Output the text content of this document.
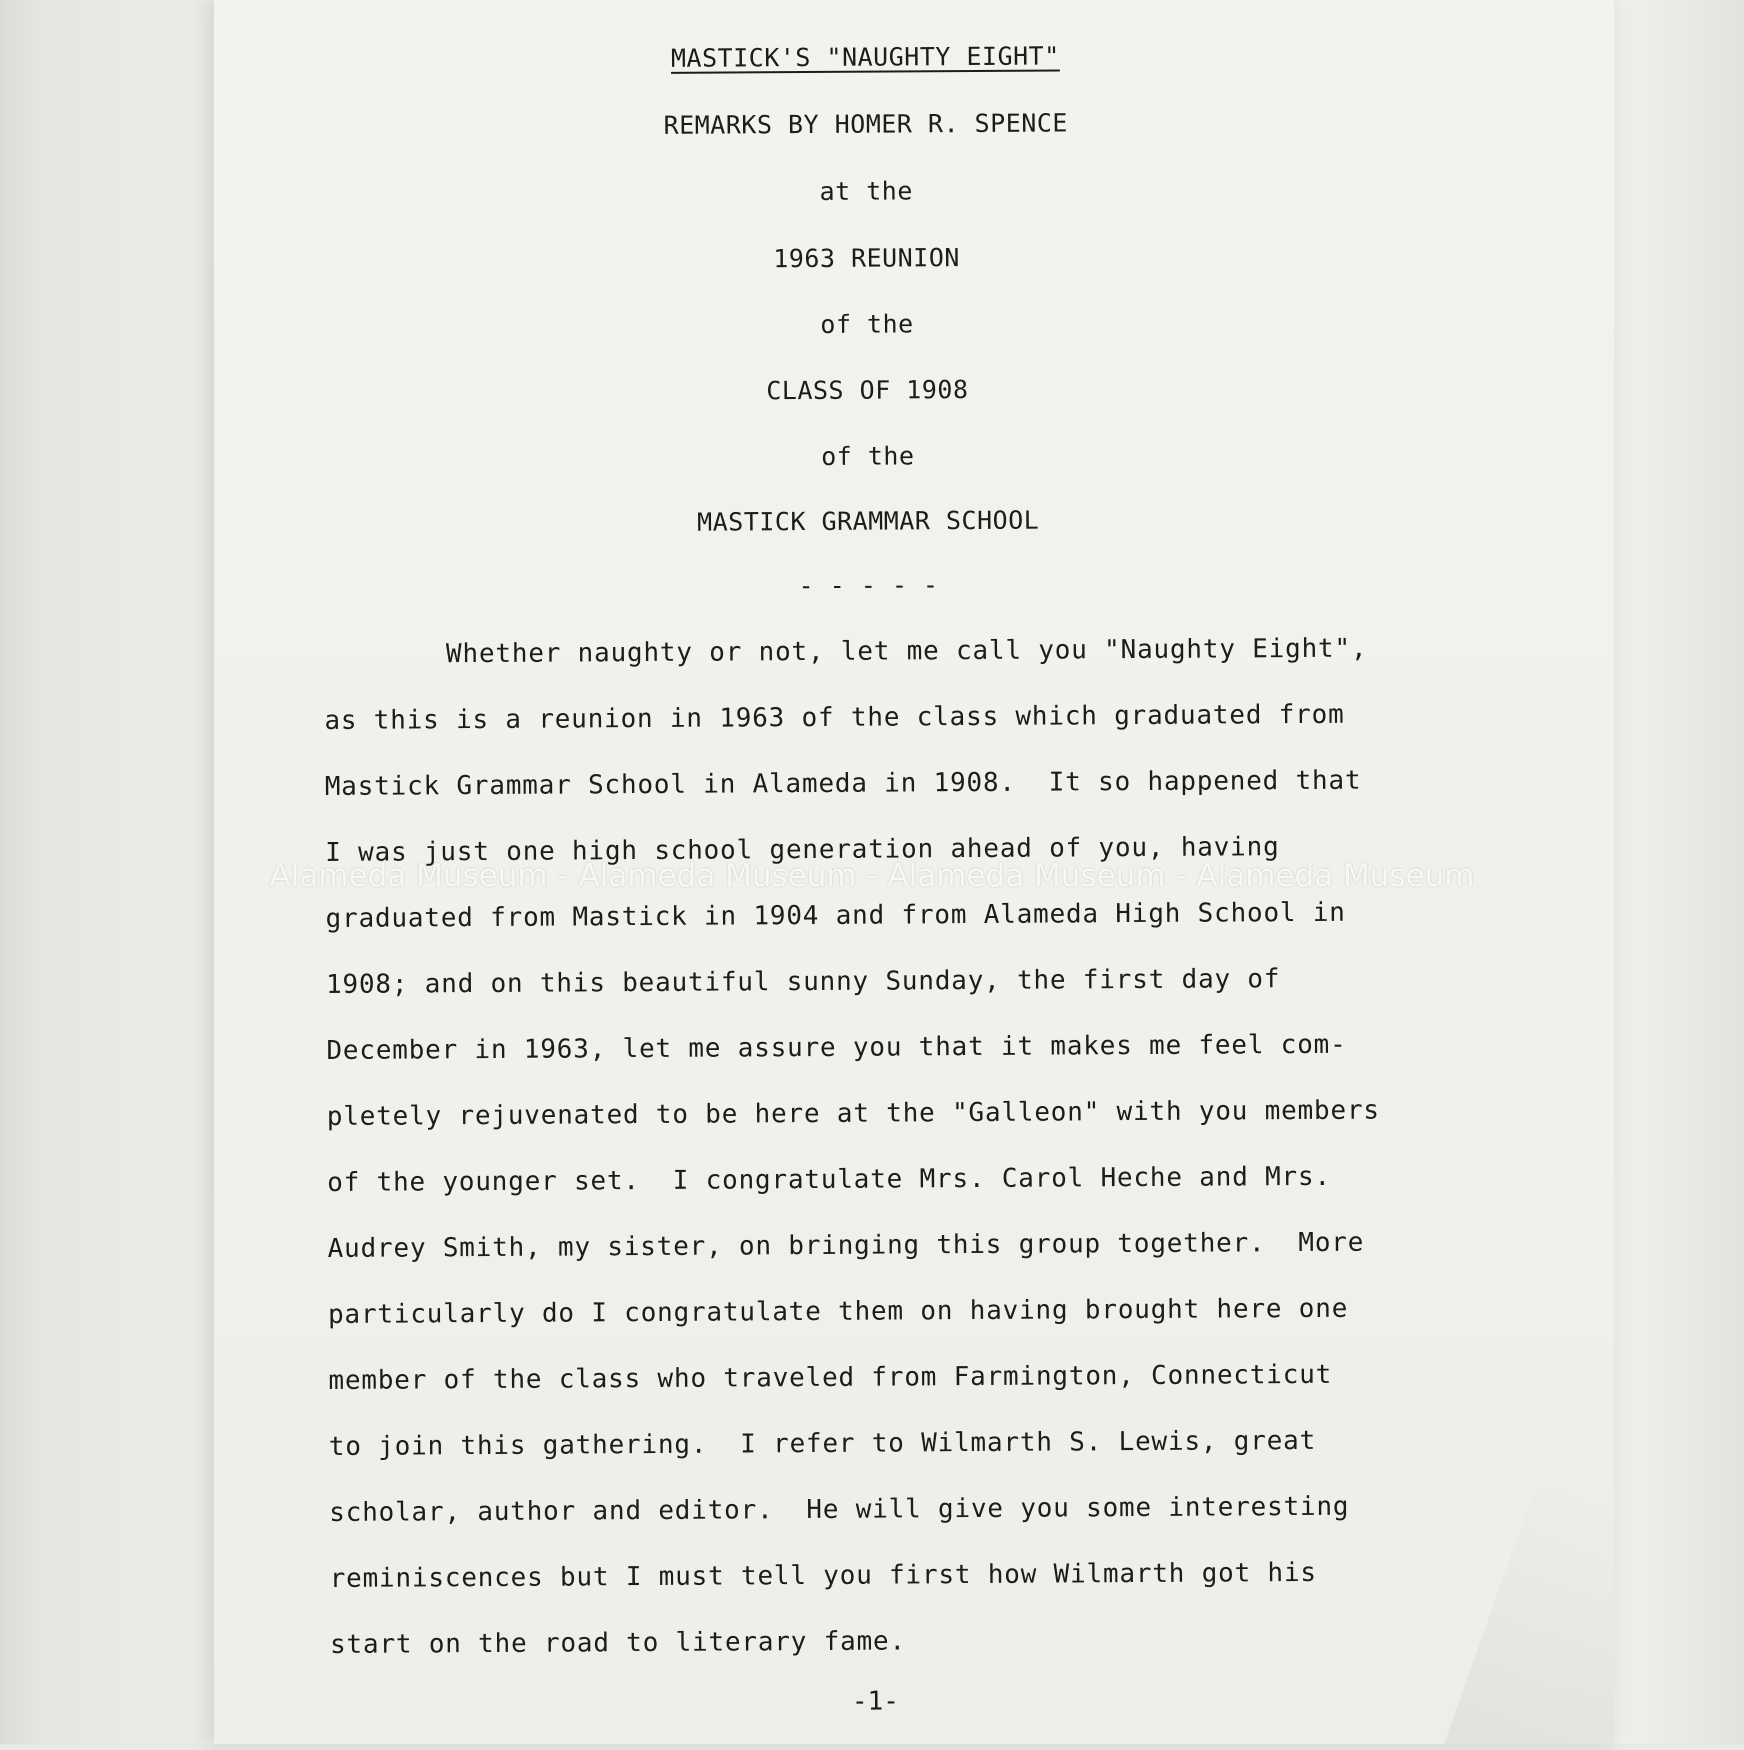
​
MASTICK'S "NAUGHTY EIGHT"
REMARKS BY HOMER R. SPENCE
at the
1963 REUNION
of the
CLASS OF 1908
of the
MASTICK GRAMMAR SCHOOL
- - - - -
Whether naughty or not, let me call you "Naughty Eight",
as this is a reunion in 1963 of the class which graduated from
Mastick Grammar School in Alameda in 1908.  It so happened that
I was just one high school generation ahead of you, having
graduated from Mastick in 1904 and from Alameda High School in
1908; and on this beautiful sunny Sunday, the first day of
December in 1963, let me assure you that it makes me feel com-
pletely rejuvenated to be here at the "Galleon" with you members
of the younger set.  I congratulate Mrs. Carol Heche and Mrs.
Audrey Smith, my sister, on bringing this group together.  More
particularly do I congratulate them on having brought here one
member of the class who traveled from Farmington, Connecticut
to join this gathering.  I refer to Wilmarth S. Lewis, great
scholar, author and editor.  He will give you some interesting
reminiscences but I must tell you first how Wilmarth got his
start on the road to literary fame.
-1-
Alameda Museum - Alameda Museum - Alameda Museum - Alameda Museum
